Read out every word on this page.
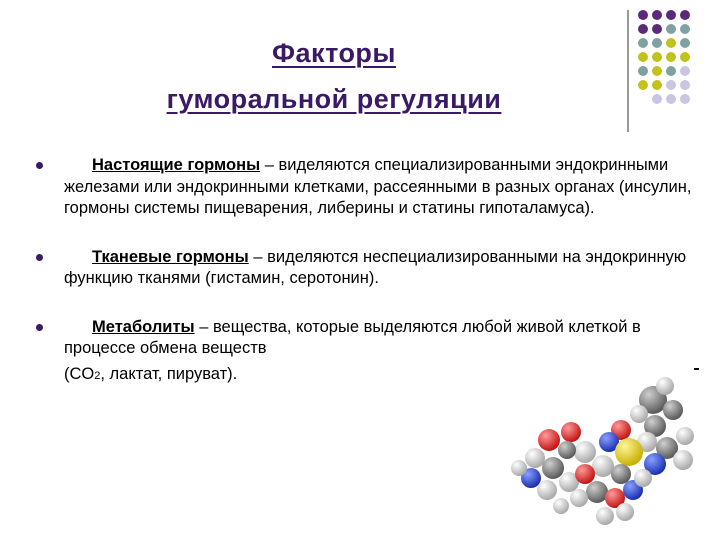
Факторы
гуморальной регуляции
Настоящие гормоны – виделяются специализированными эндокринными железами или эндокринными клетками, рассеянными в разных органах (инсулин, гормоны системы пищеварения, либерины и статины гипоталамуса).
Тканевые гормоны – виделяются неспециализированными на эндокринную функцию тканями (гистамин, серотонин).
Метаболиты – вещества, которые выделяются любой живой клеткой в процессе обмена веществ
(CO2, лактат, пируват).
